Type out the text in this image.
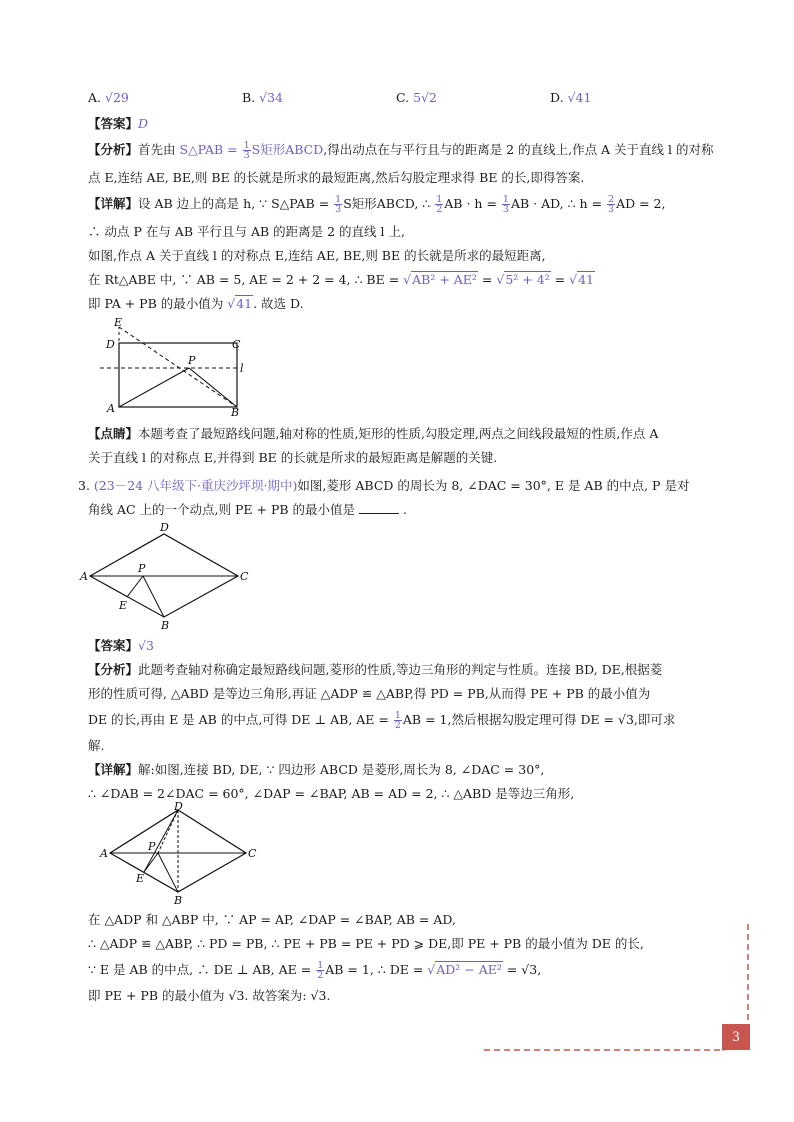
A. √29	B. √34	C. 5√2	D. √41
【答案】D
【分析】首先由 S△PAB = $\frac{1}{3}$ S矩形ABCD,得出动点在与平行且与的距离是 2 的直线上,作点 A 关于直线 l 的对称
点 E,连结 AE, BE,则 BE 的长就是所求的最短距离,然后勾股定理求得 BE 的长,即得答案.
【详解】设 AB 边上的高是 h, ∵ S△PAB = $\frac{1}{3}$ S矩形ABCD, ∴ $\frac{1}{2}$ AB · $h = \frac{1}{3}$ AB · AD, ∴ $h = \frac{2}{3}$ AD = 2,
∴ 动点 P 在与 AB 平行且与 AB 的距离是 2 的直线 l 上,
如图,作点 A 关于直线 l 的对称点 E,连结 AE, BE,则 BE 的长就是所求的最短距离,
在 Rt△ABE 中, ∵ AB = 5, AE = 2 + 2 = 4, ∴ BE = √AB² + AE² = √5² + 4² = √41
即 PA + PB 的最小值为 √41. 故选 D.
E
D	C
P
l
A	B
【点睛】本题考查了最短路线问题,轴对称的性质,矩形的性质,勾股定理,两点之间线段最短的性质,作点 A
关于直线 l 的对称点 E,并得到 BE 的长就是所求的最短距离是解题的关键.
3. (23－24 八年级下·重庆沙坪坝·期中)如图,菱形 ABCD 的周长为 8, ∠DAC = 30°, E 是 AB 的中点, P 是对
角线 AC 上的一个动点,则 PE + PB 的最小值是	.
D
A	C
P
E
B
【答案】√3
【分析】此题考查轴对称确定最短路线问题,菱形的性质,等边三角形的判定与性质。连接 BD, DE,根据菱
形的性质可得, △ABD 是等边三角形,再证 △ADP ≌ △ABP,得 PD = PB,从而得 PE + PB 的最小值为
DE 的长,再由 E 是 AB 的中点,可得 DE ⊥ AB, AE = $\frac{1}{2}$ AB = 1,然后根据勾股定理可得 DE = √3,即可求
解.
【详解】解:如图,连接 BD, DE, ∵ 四边形 ABCD 是菱形,周长为 8, ∠DAC = 30°,
∴ ∠DAB = 2∠DAC = 60°, ∠DAP = ∠BAP, AB = AD = 2, ∴ △ABD 是等边三角形,
D
A	C
P
E
B
在 △ADP 和 △ABP 中, ∵ AP = AP, ∠DAP = ∠BAP, AB = AD,
∴ △ADP ≌ △ABP, ∴ PD = PB, ∴ PE + PB = PE + PD ⩾ DE,即 PE + PB 的最小值为 DE 的长,
∵ E 是 AB 的中点, ∴ DE ⊥ AB, AE = $\frac{1}{2}$ AB = 1, ∴ DE = √AD² − AE² = √3,
即 PE + PB 的最小值为 √3. 故答案为: √3.
3
